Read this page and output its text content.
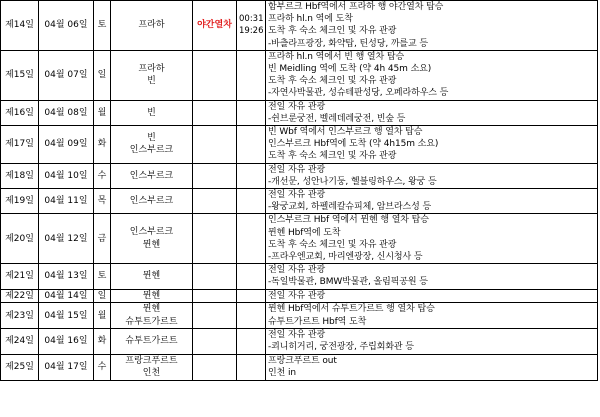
제14일	04월 06일	토	프라하	야간열차	00:31
19:26	함부르크 Hbf역에서 프라하 행 야간열차 탑승
프라하 hl.n 역에 도착
도착 후 숙소 체크인 및 자유 관광
-바츨라프광장, 화약탑, 틴성당, 까를교 등

제15일	04월 07일	일	프라하
빈			프라하 hl.n 역에서 빈 행 열차 탑승
빈 Meidling 역에 도착 (약 4h 45m 소요)
도착 후 숙소 체크인 및 자유 관광
-자연사박물관, 성슈테판성당, 오페라하우스 등

제16일	04월 08일	월	빈			전일 자유 관광
-쉰브룬궁전, 벨레데레궁전, 빈숲 등

제17일	04월 09일	화	빈
인스부르크			빈 Wbf 역에서 인스부르크 행 열차 탑승
인스부르크 Hbf역에 도착 (약 4h15m 소요)
도착 후 숙소 체크인 및 자유 관광

제18일	04월 10일	수	인스부르크			전일 자유 관광
-개선문, 성안나기둥, 헬블링하우스, 왕궁 등

제19일	04월 11일	목	인스부르크			전일 자유 관광
-왕궁교회, 하펠레칼슈피체, 암브라스성 등

제20일	04월 12일	금	인스부르크
뮌헨			인스부르크 Hbf 역에서 뮌헨 행 열차 탑승
뮌헨 Hbf역에 도착
도착 후 숙소 체크인 및 자유 관광
-프라우엔교회, 마리엔광장, 신시청사 등

제21일	04월 13일	토	뮌헨			전일 자유 관광
-독일박물관, BMW박물관, 올림픽공원 등

제22일	04월 14일	일	뮌헨			전일 자유 관광

제23일	04월 15일	월	뮌헨
슈투트가르트			뮌헨 Hbf역에서 슈투트가르트 행 열차 탑승
슈투트가르트 Hbf역 도착

제24일	04월 16일	화	슈투트가르트			전일 자유 관광
-쾨니히거리, 궁전광장, 주립회화관 등

제25일	04월 17일	수	프랑크푸르트
인천			프랑크푸르트 out
인천 in
